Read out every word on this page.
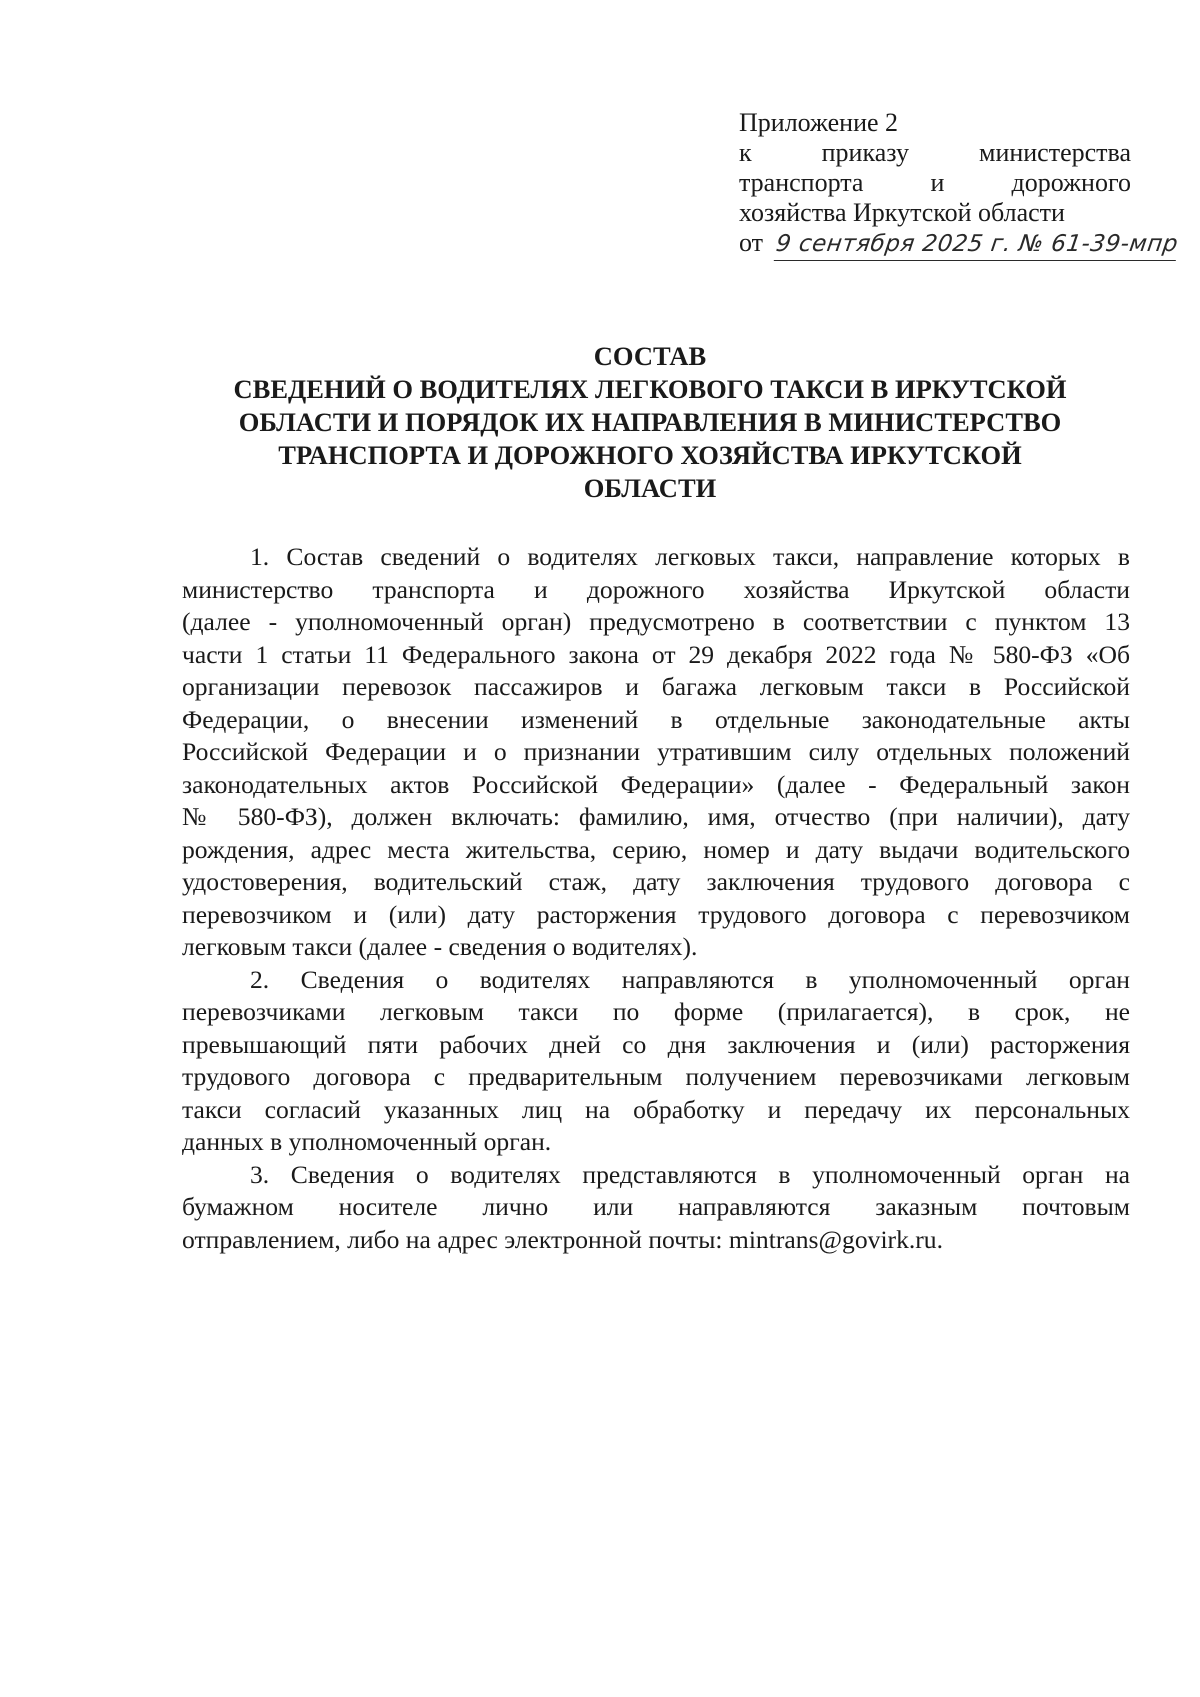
Приложение 2
к	приказу	министерства
транспорта	и	дорожного
хозяйства Иркутской области
от 9 сентября 2025 г. № 61-39-мпр
СОСТАВ
СВЕДЕНИЙ О ВОДИТЕЛЯХ ЛЕГКОВОГО ТАКСИ В ИРКУТСКОЙ
ОБЛАСТИ И ПОРЯДОК ИХ НАПРАВЛЕНИЯ В МИНИСТЕРСТВО
ТРАНСПОРТА И ДОРОЖНОГО ХОЗЯЙСТВА ИРКУТСКОЙ
ОБЛАСТИ
1. Состав сведений о водителях легковых такси, направление которых в
министерство транспорта и дорожного хозяйства Иркутской области
(далее - уполномоченный орган) предусмотрено в соответствии с пунктом 13
части 1 статьи 11 Федерального закона от 29 декабря 2022 года № 580-ФЗ «Об
организации перевозок пассажиров и багажа легковым такси в Российской
Федерации, о внесении изменений в отдельные законодательные акты
Российской Федерации и о признании утратившим силу отдельных положений
законодательных актов Российской Федерации» (далее - Федеральный закон
№ 580-ФЗ), должен включать: фамилию, имя, отчество (при наличии), дату
рождения, адрес места жительства, серию, номер и дату выдачи водительского
удостоверения, водительский стаж, дату заключения трудового договора с
перевозчиком и (или) дату расторжения трудового договора с перевозчиком
легковым такси (далее - сведения о водителях).
2. Сведения о водителях направляются в уполномоченный орган
перевозчиками легковым такси по форме (прилагается), в срок, не
превышающий пяти рабочих дней со дня заключения и (или) расторжения
трудового договора с предварительным получением перевозчиками легковым
такси согласий указанных лиц на обработку и передачу их персональных
данных в уполномоченный орган.
3. Сведения о водителях представляются в уполномоченный орган на
бумажном носителе лично или направляются заказным почтовым
отправлением, либо на адрес электронной почты: mintrans@govirk.ru.
